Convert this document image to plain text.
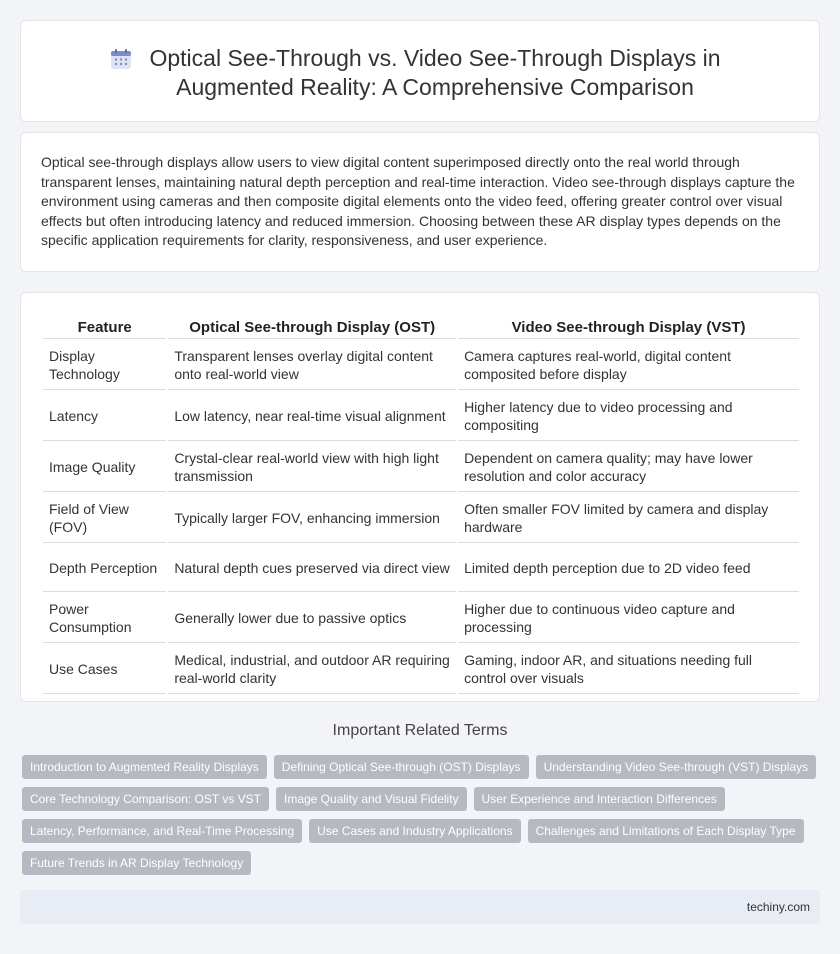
Optical See-Through vs. Video See-Through Displays in Augmented Reality: A Comprehensive Comparison

Optical see-through displays allow users to view digital content superimposed directly onto the real world through transparent lenses, maintaining natural depth perception and real-time interaction. Video see-through displays capture the environment using cameras and then composite digital elements onto the video feed, offering greater control over visual effects but often introducing latency and reduced immersion. Choosing between these AR display types depends on the specific application requirements for clarity, responsiveness, and user experience.

Feature	Optical See-through Display (OST)	Video See-through Display (VST)
Display Technology	Transparent lenses overlay digital content onto real-world view	Camera captures real-world, digital content composited before display
Latency	Low latency, near real-time visual alignment	Higher latency due to video processing and compositing
Image Quality	Crystal-clear real-world view with high light transmission	Dependent on camera quality; may have lower resolution and color accuracy
Field of View (FOV)	Typically larger FOV, enhancing immersion	Often smaller FOV limited by camera and display hardware
Depth Perception	Natural depth cues preserved via direct view	Limited depth perception due to 2D video feed
Power Consumption	Generally lower due to passive optics	Higher due to continuous video capture and processing
Use Cases	Medical, industrial, and outdoor AR requiring real-world clarity	Gaming, indoor AR, and situations needing full control over visuals
Important Related Terms
Introduction to Augmented Reality Displays	Defining Optical See-through (OST) Displays	Understanding Video See-through (VST) Displays
Core Technology Comparison: OST vs VST	Image Quality and Visual Fidelity	User Experience and Interaction Differences
Latency, Performance, and Real-Time Processing	Use Cases and Industry Applications	Challenges and Limitations of Each Display Type
Future Trends in AR Display Technology
techiny.com
